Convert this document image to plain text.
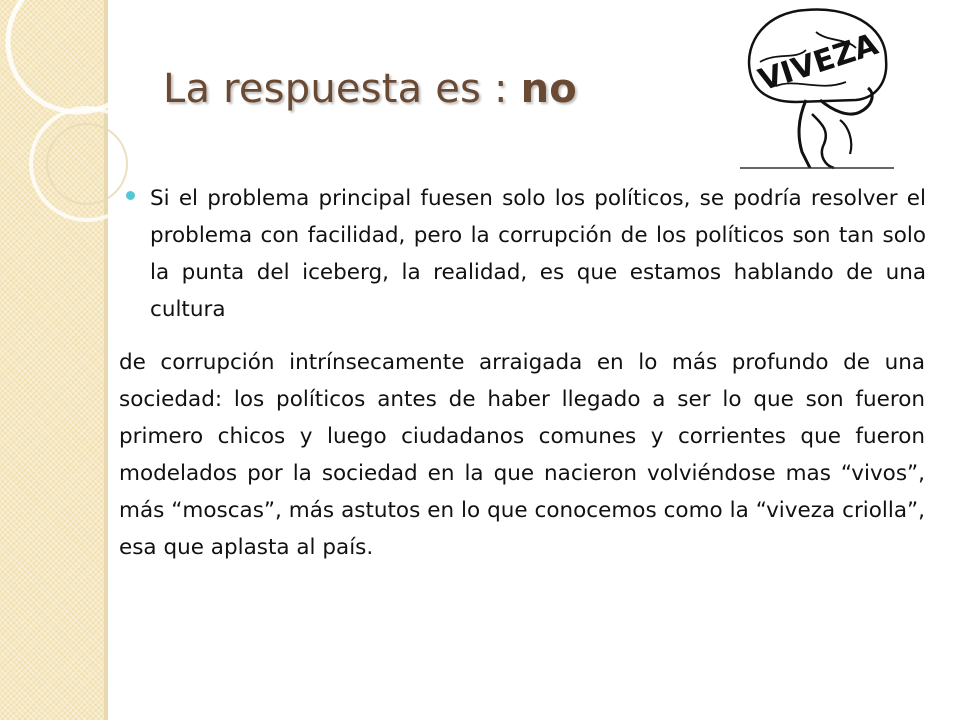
La respuesta es : no	VIVEZA

Si el problema principal fuesen solo los políticos, se podría resolver el problema con facilidad, pero la corrupción de los políticos son tan solo la punta del iceberg, la realidad, es que estamos hablando de una cultura

de corrupción intrínsecamente arraigada en lo más profundo de una sociedad: los políticos antes de haber llegado a ser lo que son fueron primero chicos y luego ciudadanos comunes y corrientes que fueron modelados por la sociedad en la que nacieron volviéndose mas “vivos”, más “moscas”, más astutos en lo que conocemos como la “viveza criolla”, esa que aplasta al país.
